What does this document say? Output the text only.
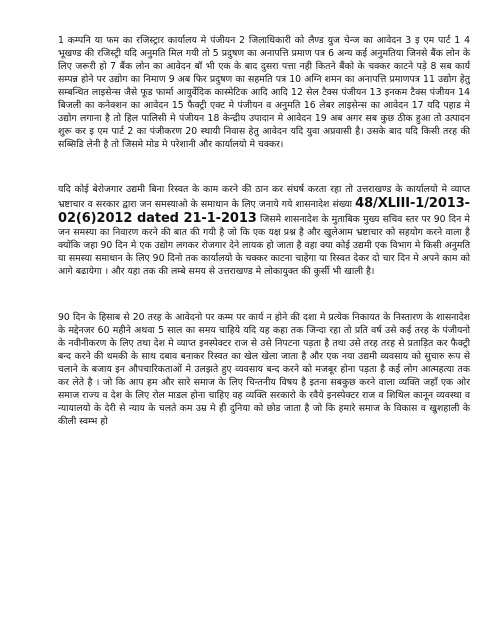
1 कम्पनि या फम का रजिस्ट्रार कार्यालय मे पंजीयन 2 जिलाधिकारी को लैण्ड युज चेन्ज का आवेदन 3 इ एम पार्ट 1 4 भूखण्ड की रजिस्ट्री यदि अनुमति मिल गयी तो 5 प्रदुषण का अनापत्ति प्रमाण पत्र 6 अन्य कई अनुमतिया जिनसे बैंक लोन के लिए जरूरी हो 7 बैंक लोन का आवेदन बॉ भी एक के बाद दुसरा पत्ता नही कितने बैंको के चक्कर काटने पड़े 8 सब कार्य सम्पन्न होने पर उद्योग का निमाण 9 अब फिर प्रदुषण का सहमति पत्र 10 अग्नि शमन का अनापत्ति प्रमाणपत्र 11 उद्योग हेतु सम्बन्धित लाइसेन्स जैसे फूड फार्मा आयुर्वेदिक कास्मेटिक आदि आदि 12 सेल टैक्स पंजीयन 13 इनकम टैक्स पंजीयन 14 बिजली का कनेक्शन का आवेदन 15 फैक्ट्री एक्ट मे पंजीयन व अनुमति 16 लेबर लाइसेन्स का आवेदन 17 यदि पहाड मे उद्योग लगाना है तो हिल पालिसी मे पंजीयन 18 केन्द्रीय उपादान मे आवेदन 19 अब अगर सब कुछ ठीक हुआ तो उत्पादन शुरू कर इ एम पार्ट 2 का पंजीकरण 20 स्थायी निवास हेतु आवेदन यदि युवा अप्रवासी है। उसके बाद यदि किसी तरह की सब्सिडि लेनी है तो जिसमे मोड मे परेशानी और कार्यालयो मे चक्कर।

यदि कोई बेरोजगार उद्यमी बिना रिस्वत के काम करने की ठान कर संघर्ष करता रहा तो उत्तराखण्ड के कार्यालयो मे व्याप्त भ्रष्टाचार व सरकार द्वारा जन समस्याओ के समाधान के लिए जनाये गये शासनादेश संख्या 48/XLIII-1/2013-02(6)2012 dated 21-1-2013 जिसमे शासनादेश के मुताबिक मुख्य सचिव स्तर पर 90 दिन मे जन समस्या का निवारण करने की बात की गयी है जो कि एक यक्ष प्रश्न है और खुलेआम भ्रष्टाचार को सहयोग करने वाला है क्योंकि जहा 90 दिन मे एक उद्योग लगकर रोजगार देने लायक हो जाता है वहा क्या कोई उद्यमी एक विभाग मे किसी अनुमति या समस्या समाधान के लिए 90 दिनो तक कार्यालयो के चक्कर काटना चाहेगा या रिस्वत देकर दो चार दिन मे अपने काम को आगे बढायेगा । और यहा तक की लम्बे समय से उत्तराखण्ड मे लोकायुक्त की कुर्सी भी खाली है।

90 दिन के हिसाब से 20 तरह के आवेदनो पर कम्म पर कार्य न होने की दशा मे प्रत्येक निकायत के निस्तारण के शासनादेश के मद्देनजर 60 महीने अथवा 5 साल का समय चाहिये यदि यह कहा तक जिन्दा रहा तो प्रति वर्ष उसे कई तरह के पंजीयनो के नवीनीकरण के लिए तथा देश मे व्याप्त इनस्पेक्टर राज से उसे निपटना पड़ता है तथा उसे तरह तरह से प्रताड़ित कर फैक्ट्री बन्द करने की धमकी के साथ दबाव बनाकर रिस्वत का खेल खेला जाता है और एक नया उद्यमी व्यवसाय को सुचारु रूप से चलाने के बजाय इन औपचारिकताओं मे उलझते हुए व्यवसाय बन्द करने को मजबूर होना पड़ता है कई लोग आत्महत्या तक कर लेते है । जो कि आप हम और सारे समाज के लिए चिन्तनीय विषय है इतना सबकुछ करने वाला व्यक्ति जहाँ एक ओर समाज राज्य व देश के लिए रोल माडल होना चाहिए वह व्यक्ति सरकारो के रवैये इनस्पेक्टर राज व शिथिल कानून व्यवस्था व न्यायालयो के देरी से न्याय के चलते कम उम्र मे ही दुनिया को छोड जाता है जो कि हमारे समाज के विकास व खुशहाली के कीली स्वम्भ हो
